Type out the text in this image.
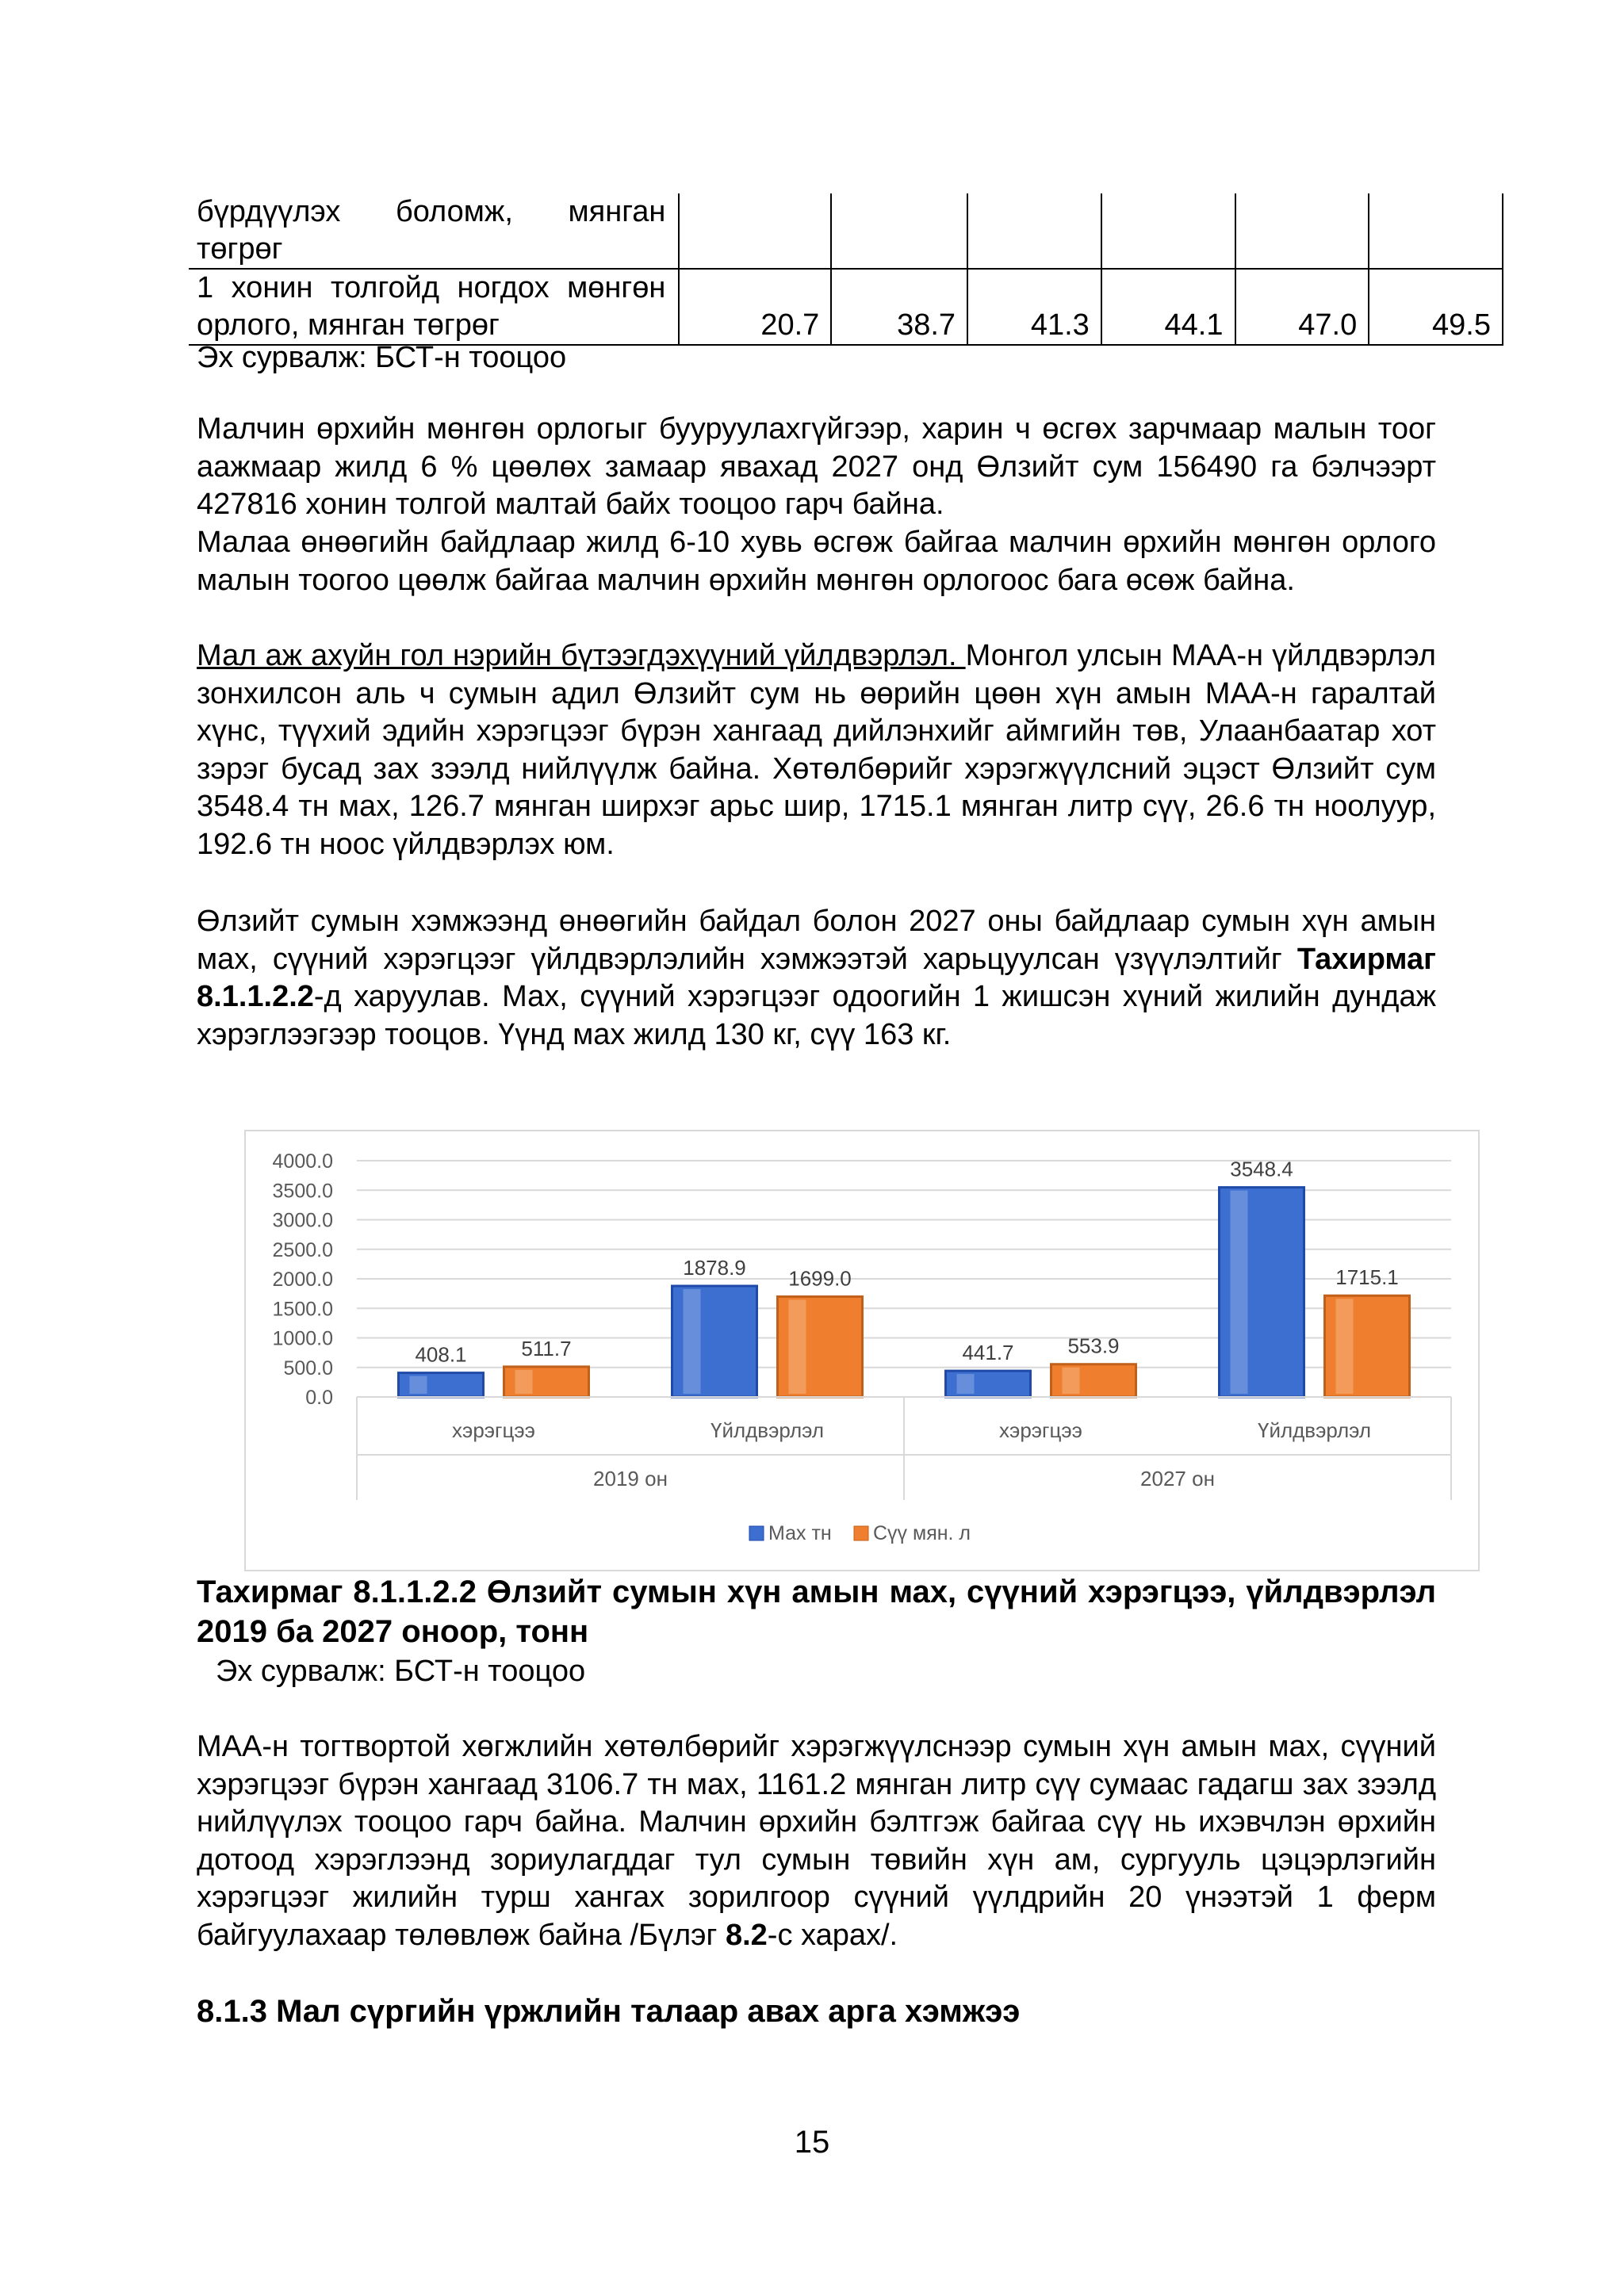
бүрдүүлэх боломж, мянган төгрөг						
1 хонин толгойд ногдох мөнгөн орлого, мянган төгрөг	20.7	38.7	41.3	44.1	47.0	49.5
Эх сурвалж: БСТ-н тооцоо

Малчин өрхийн мөнгөн орлогыг бууруулахгүйгээр, харин ч өсгөх зарчмаар малын тоог аажмаар жилд 6 % цөөлөх замаар явахад 2027 онд Өлзийт сум 156490 га бэлчээрт 427816 хонин толгой малтай байх тооцоо гарч байна.

Малаа өнөөгийн байдлаар жилд 6-10 хувь өсгөж байгаа малчин өрхийн мөнгөн орлого малын тоогоо цөөлж байгаа малчин өрхийн мөнгөн орлогоос бага өсөж байна.

Мал аж ахуйн гол нэрийн бүтээгдэхүүний үйлдвэрлэл. Монгол улсын МАА-н үйлдвэрлэл зонхилсон аль ч сумын адил Өлзийт сум нь өөрийн цөөн хүн амын МАА-н гаралтай хүнс, түүхий эдийн хэрэгцээг бүрэн хангаад дийлэнхийг аймгийн төв, Улаанбаатар хот зэрэг бусад зах зээлд нийлүүлж байна. Хөтөлбөрийг хэрэгжүүлсний эцэст Өлзийт сум 3548.4 тн мах, 126.7 мянган ширхэг арьс шир, 1715.1 мянган литр сүү, 26.6 тн ноолуур, 192.6 тн ноос үйлдвэрлэх юм.

Өлзийт сумын хэмжээнд өнөөгийн байдал болон 2027 оны байдлаар сумын хүн амын мах, сүүний хэрэгцээг үйлдвэрлэлийн хэмжээтэй харьцуулсан үзүүлэлтийг Тахирмаг 8.1.1.2.2-д харуулав. Мах, сүүний хэрэгцээг одоогийн 1 жишсэн хүний жилийн дундаж хэрэглээгээр тооцов. Үүнд мах жилд 130 кг, сүү 163 кг.

0.0
500.0
1000.0
1500.0
2000.0
2500.0
3000.0
3500.0
4000.0
408.1	511.7
хэрэгцээ
1878.9 1699.0
Үйлдвэрлэл
441.7	553.9
хэрэгцээ
3548.4
1715.1
Үйлдвэрлэл
2019 он	2027 он
Мах тн Сүү мян. л

Тахирмаг 8.1.1.2.2 Өлзийт сумын хүн амын мах, сүүний хэрэгцээ, үйлдвэрлэл 2019 ба 2027 оноор, тонн

Эх сурвалж: БСТ-н тооцоо

МАА-н тогтвортой хөгжлийн хөтөлбөрийг хэрэгжүүлснээр сумын хүн амын мах, сүүний хэрэгцээг бүрэн хангаад 3106.7 тн мах, 1161.2 мянган литр сүү сумаас гадагш зах зээлд нийлүүлэх тооцоо гарч байна. Малчин өрхийн бэлтгэж байгаа сүү нь ихэвчлэн өрхийн дотоод хэрэглээнд зориулагддаг тул сумын төвийн хүн ам, сургууль цэцэрлэгийн хэрэгцээг жилийн турш хангах зорилгоор сүүний үүлдрийн 20 үнээтэй 1 ферм байгуулахаар төлөвлөж байна /Бүлэг 8.2-с харах/.

8.1.3 Мал сүргийн үржлийн талаар авах арга хэмжээ
15
